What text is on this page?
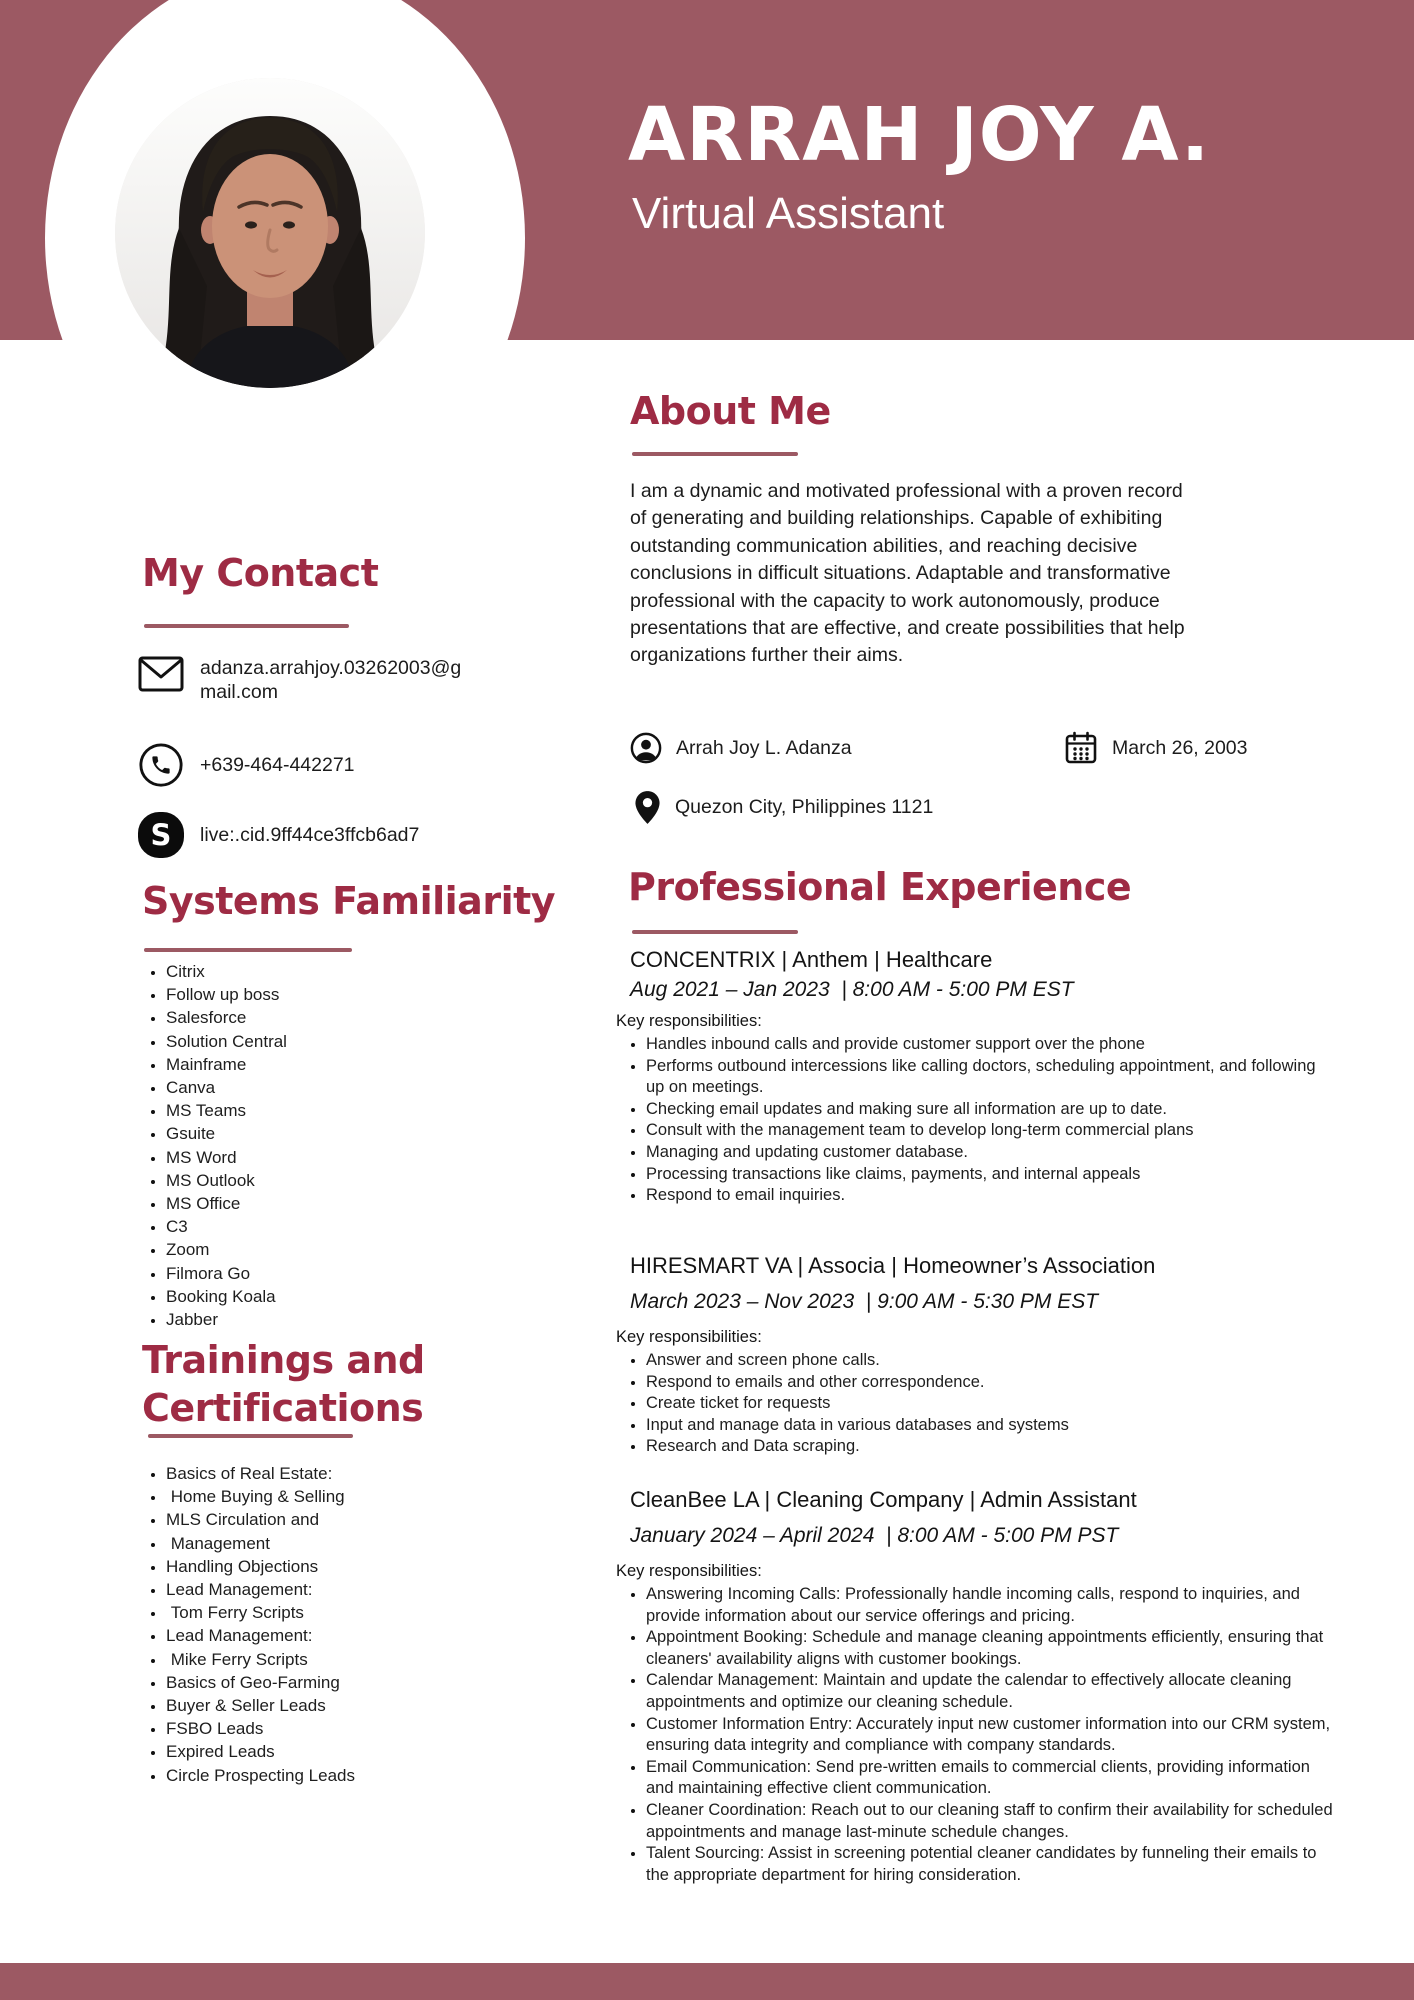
ARRAH JOY A.
Virtual Assistant
My Contact
adanza.arrahjoy.03262003@gmail.com
+639-464-442271
S	live:.cid.9ff44ce3ffcb6ad7
Systems Familiarity
• Citrix
• Follow up boss
• Salesforce
• Solution Central
• Mainframe
• Canva
• MS Teams
• Gsuite
• MS Word
• MS Outlook
• MS Office
• C3
• Zoom
• Filmora Go
• Booking Koala
• Jabber
Trainings and Certifications
• Basics of Real Estate:
•  Home Buying & Selling
• MLS Circulation and
•  Management
• Handling Objections
• Lead Management:
•  Tom Ferry Scripts
• Lead Management:
•  Mike Ferry Scripts
• Basics of Geo-Farming
• Buyer & Seller Leads
• FSBO Leads
• Expired Leads
• Circle Prospecting Leads
About Me
I am a dynamic and motivated professional with a proven record of generating and building relationships. Capable of exhibiting outstanding communication abilities, and reaching decisive conclusions in difficult situations. Adaptable and transformative professional with the capacity to work autonomously, produce presentations that are effective, and create possibilities that help organizations further their aims.
Arrah Joy L. Adanza	March 26, 2003
Quezon City, Philippines 1121
Professional Experience
CONCENTRIX | Anthem | Healthcare
Aug 2021 – Jan 2023  | 8:00 AM - 5:00 PM EST
Key responsibilities:
• Handles inbound calls and provide customer support over the phone
• Performs outbound intercessions like calling doctors, scheduling appointment, and following up on meetings.
• Checking email updates and making sure all information are up to date.
• Consult with the management team to develop long-term commercial plans
• Managing and updating customer database.
• Processing transactions like claims, payments, and internal appeals
• Respond to email inquiries.
HIRESMART VA | Associa | Homeowner’s Association
March 2023 – Nov 2023  | 9:00 AM - 5:30 PM EST
Key responsibilities:
• Answer and screen phone calls.
• Respond to emails and other correspondence.
• Create ticket for requests
• Input and manage data in various databases and systems
• Research and Data scraping.
CleanBee LA | Cleaning Company | Admin Assistant
January 2024 – April 2024  | 8:00 AM - 5:00 PM PST
Key responsibilities:
• Answering Incoming Calls: Professionally handle incoming calls, respond to inquiries, and provide information about our service offerings and pricing.
• Appointment Booking: Schedule and manage cleaning appointments efficiently, ensuring that cleaners' availability aligns with customer bookings.
• Calendar Management: Maintain and update the calendar to effectively allocate cleaning appointments and optimize our cleaning schedule.
• Customer Information Entry: Accurately input new customer information into our CRM system, ensuring data integrity and compliance with company standards.
• Email Communication: Send pre-written emails to commercial clients, providing information and maintaining effective client communication.
• Cleaner Coordination: Reach out to our cleaning staff to confirm their availability for scheduled appointments and manage last-minute schedule changes.
• Talent Sourcing: Assist in screening potential cleaner candidates by funneling their emails to the appropriate department for hiring consideration.
